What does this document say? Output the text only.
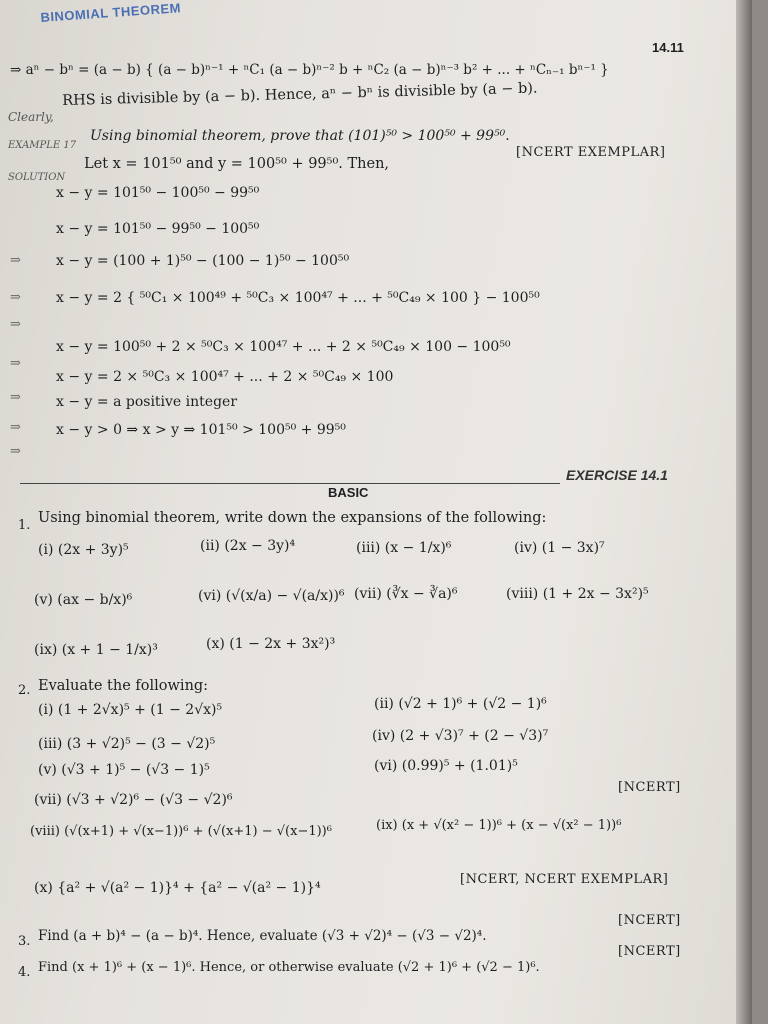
BINOMIAL THEOREM
14.11
⇒ aⁿ − bⁿ = (a − b) { (a − b)ⁿ⁻¹ + ⁿC₁ (a − b)ⁿ⁻² b + ⁿC₂ (a − b)ⁿ⁻³ b² + ... + ⁿCₙ₋₁ bⁿ⁻¹ }
Clearly,
RHS is divisible by (a − b). Hence, aⁿ − bⁿ is divisible by (a − b).
EXAMPLE 17
Using binomial theorem, prove that (101)⁵⁰ > 100⁵⁰ + 99⁵⁰.
[NCERT EXEMPLAR]
SOLUTION
Let x = 101⁵⁰ and y = 100⁵⁰ + 99⁵⁰. Then,
x − y = 101⁵⁰ − 100⁵⁰ − 99⁵⁰
x − y = 101⁵⁰ − 99⁵⁰ − 100⁵⁰
⇒	x − y = (100 + 1)⁵⁰ − (100 − 1)⁵⁰ − 100⁵⁰
⇒	x − y = 2 { ⁵⁰C₁ × 100⁴⁹ + ⁵⁰C₃ × 100⁴⁷ + ... + ⁵⁰C₄₉ × 100 } − 100⁵⁰
⇒
x − y = 100⁵⁰ + 2 × ⁵⁰C₃ × 100⁴⁷ + ... + 2 × ⁵⁰C₄₉ × 100 − 100⁵⁰
⇒
x − y = 2 × ⁵⁰C₃ × 100⁴⁷ + ... + 2 × ⁵⁰C₄₉ × 100
⇒	x − y = a positive integer
⇒	x − y > 0 ⇒ x > y ⇒ 101⁵⁰ > 100⁵⁰ + 99⁵⁰
⇒
EXERCISE 14.1
BASIC
1. Using binomial theorem, write down the expansions of the following:
(i) (2x + 3y)⁵	(ii) (2x − 3y)⁴	(iii) (x − 1/x)⁶	(iv) (1 − 3x)⁷
(v) (ax − b/x)⁶	(vi) (√(x/a) − √(a/x))⁶ (vii) (∛x − ∛a)⁶	(viii) (1 + 2x − 3x²)⁵
(ix) (x + 1 − 1/x)³	(x) (1 − 2x + 3x²)³
2. Evaluate the following:
(i) (1 + 2√x)⁵ + (1 − 2√x)⁵	(ii) (√2 + 1)⁶ + (√2 − 1)⁶
(iii) (3 + √2)⁵ − (3 − √2)⁵	(iv) (2 + √3)⁷ + (2 − √3)⁷
(v) (√3 + 1)⁵ − (√3 − 1)⁵	(vi) (0.99)⁵ + (1.01)⁵
(vii) (√3 + √2)⁶ − (√3 − √2)⁶
[NCERT]
(viii) (√(x+1) + √(x−1))⁶ + (√(x+1) − √(x−1))⁶	(ix) (x + √(x² − 1))⁶ + (x − √(x² − 1))⁶
(x) {a² + √(a² − 1)}⁴ + {a² − √(a² − 1)}⁴
[NCERT, NCERT EXEMPLAR]
3. Find (a + b)⁴ − (a − b)⁴. Hence, evaluate (√3 + √2)⁴ − (√3 − √2)⁴.
[NCERT]
4. Find (x + 1)⁶ + (x − 1)⁶. Hence, or otherwise evaluate (√2 + 1)⁶ + (√2 − 1)⁶.
[NCERT]
